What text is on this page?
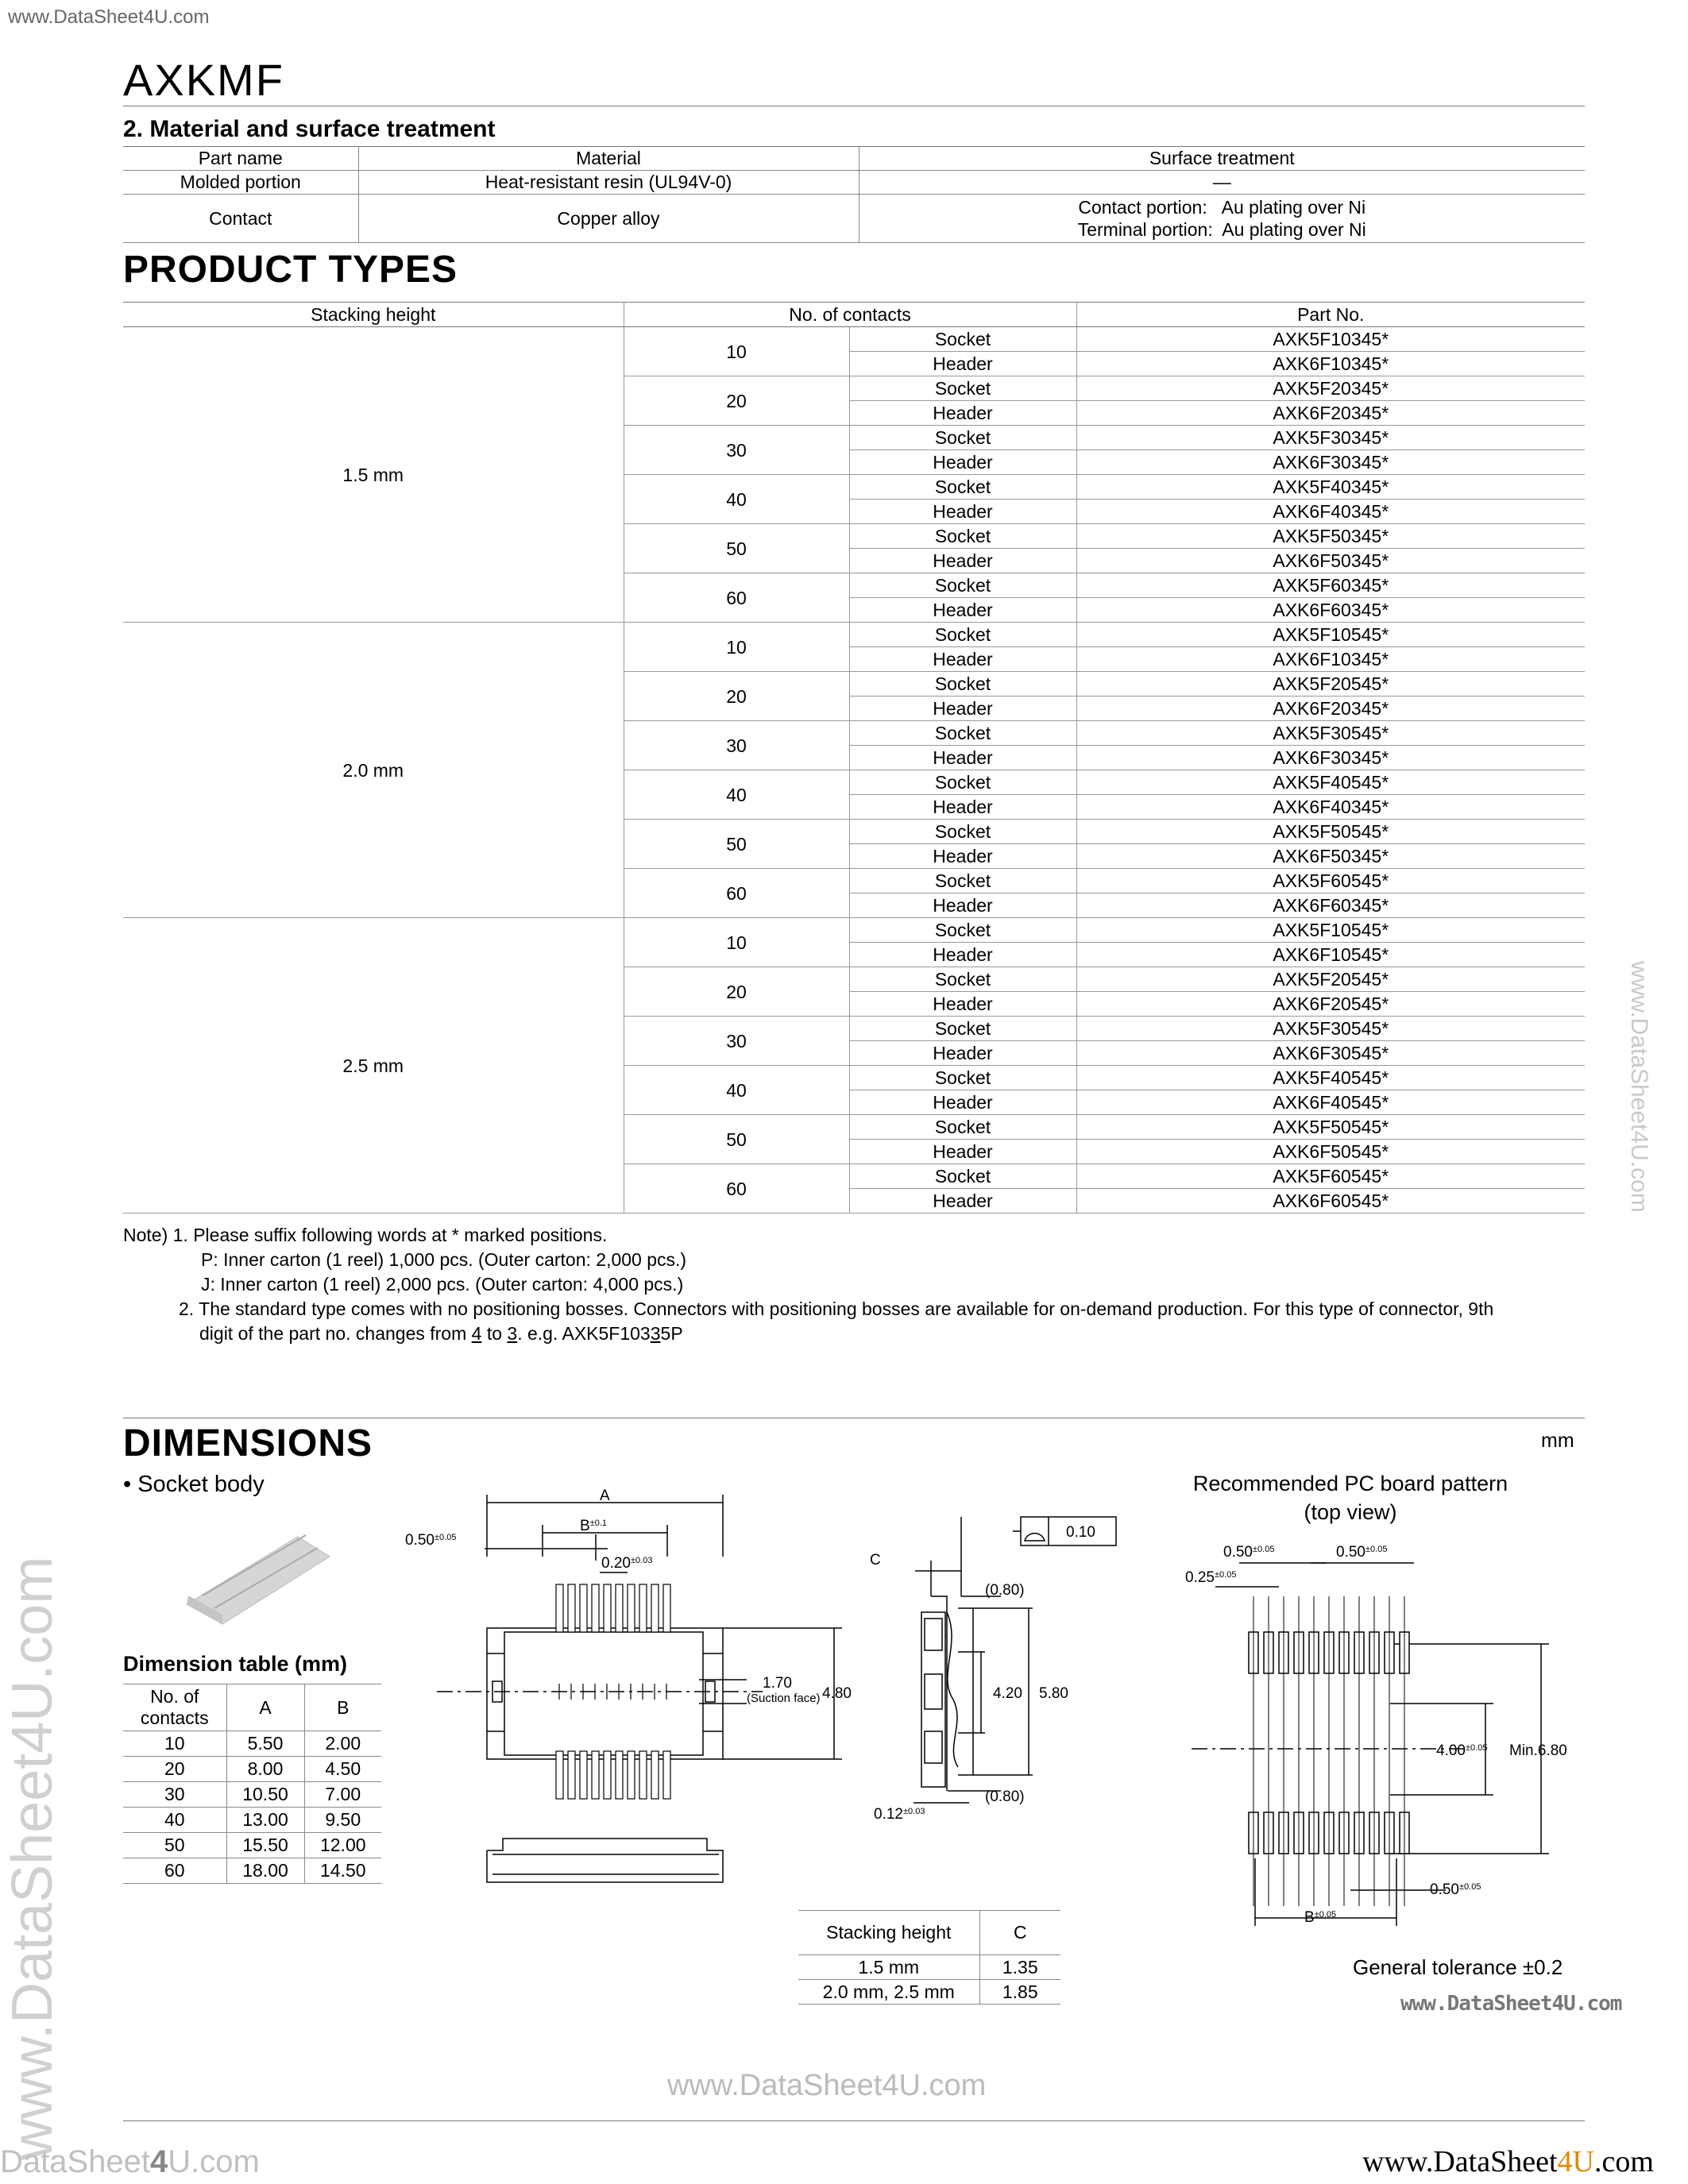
www.DataSheet4U.com
AXKMF
2. Material and surface treatment
Part name	Material	Surface treatment
Molded portion	Heat-resistant resin (UL94V-0)	—
Contact	Copper alloy	Contact portion:   Au plating over Ni
Terminal portion:  Au plating over Ni
PRODUCT TYPES
Stacking height	No. of contacts		Part No.
1.5 mm	10	Socket	AXK5F10345*
		Header	AXK6F10345*
	20	Socket	AXK5F20345*
		Header	AXK6F20345*
	30	Socket	AXK5F30345*
		Header	AXK6F30345*
	40	Socket	AXK5F40345*
		Header	AXK6F40345*
	50	Socket	AXK5F50345*
		Header	AXK6F50345*
	60	Socket	AXK5F60345*
		Header	AXK6F60345*
2.0 mm	10	Socket	AXK5F10545*
		Header	AXK6F10345*
	20	Socket	AXK5F20545*
		Header	AXK6F20345*
	30	Socket	AXK5F30545*
		Header	AXK6F30345*
	40	Socket	AXK5F40545*
		Header	AXK6F40345*
	50	Socket	AXK5F50545*
		Header	AXK6F50345*
	60	Socket	AXK5F60545*
		Header	AXK6F60345*
2.5 mm	10	Socket	AXK5F10545*
		Header	AXK6F10545*
	20	Socket	AXK5F20545*
		Header	AXK6F20545*
	30	Socket	AXK5F30545*
		Header	AXK6F30545*
	40	Socket	AXK5F40545*
		Header	AXK6F40545*
	50	Socket	AXK5F50545*
		Header	AXK6F50545*
	60	Socket	AXK5F60545*
		Header	AXK6F60545*
Note) 1. Please suffix following words at * marked positions.
P: Inner carton (1 reel) 1,000 pcs. (Outer carton: 2,000 pcs.)
J: Inner carton (1 reel) 2,000 pcs. (Outer carton: 4,000 pcs.)
2. The standard type comes with no positioning bosses. Connectors with positioning bosses are available for on-demand production. For this type of connector, 9th
digit of the part no. changes from 4 to 3. e.g. AXK5F10335P
DIMENSIONS	mm
• Socket body
Dimension table (mm)
No. of contacts	A	B
10	5.50	2.00
20	8.00	4.50
30	10.50	7.00
40	13.00	9.50
50	15.50	12.00
60	18.00	14.50
A
$B^{\pm 0.1}$
$0.50^{\pm 0.05}$
$0.20^{\pm 0.03}$
1.70
(Suction face) 4.80
C
(0.80)
(0.80)
4.20 5.80
0.10
$0.12^{\pm 0.03}$
Recommended PC board pattern
(top view)
$0.50^{\pm 0.05}$	$0.50^{\pm 0.05}$
$0.25^{\pm 0.05}$
$4.00^{\pm 0.05}$ Min.6.80
$0.50^{\pm 0.05}$
$B^{\pm 0.05}$
Stacking height	C
1.5 mm	1.35
2.0 mm, 2.5 mm	1.85
General tolerance ±0.2
www.DataSheet4U.com
www.DataSheet4U.com
www.DataSheet4U.com
www.DataSheet4U.com
DataSheet4U.com	www.DataSheet4U.com
